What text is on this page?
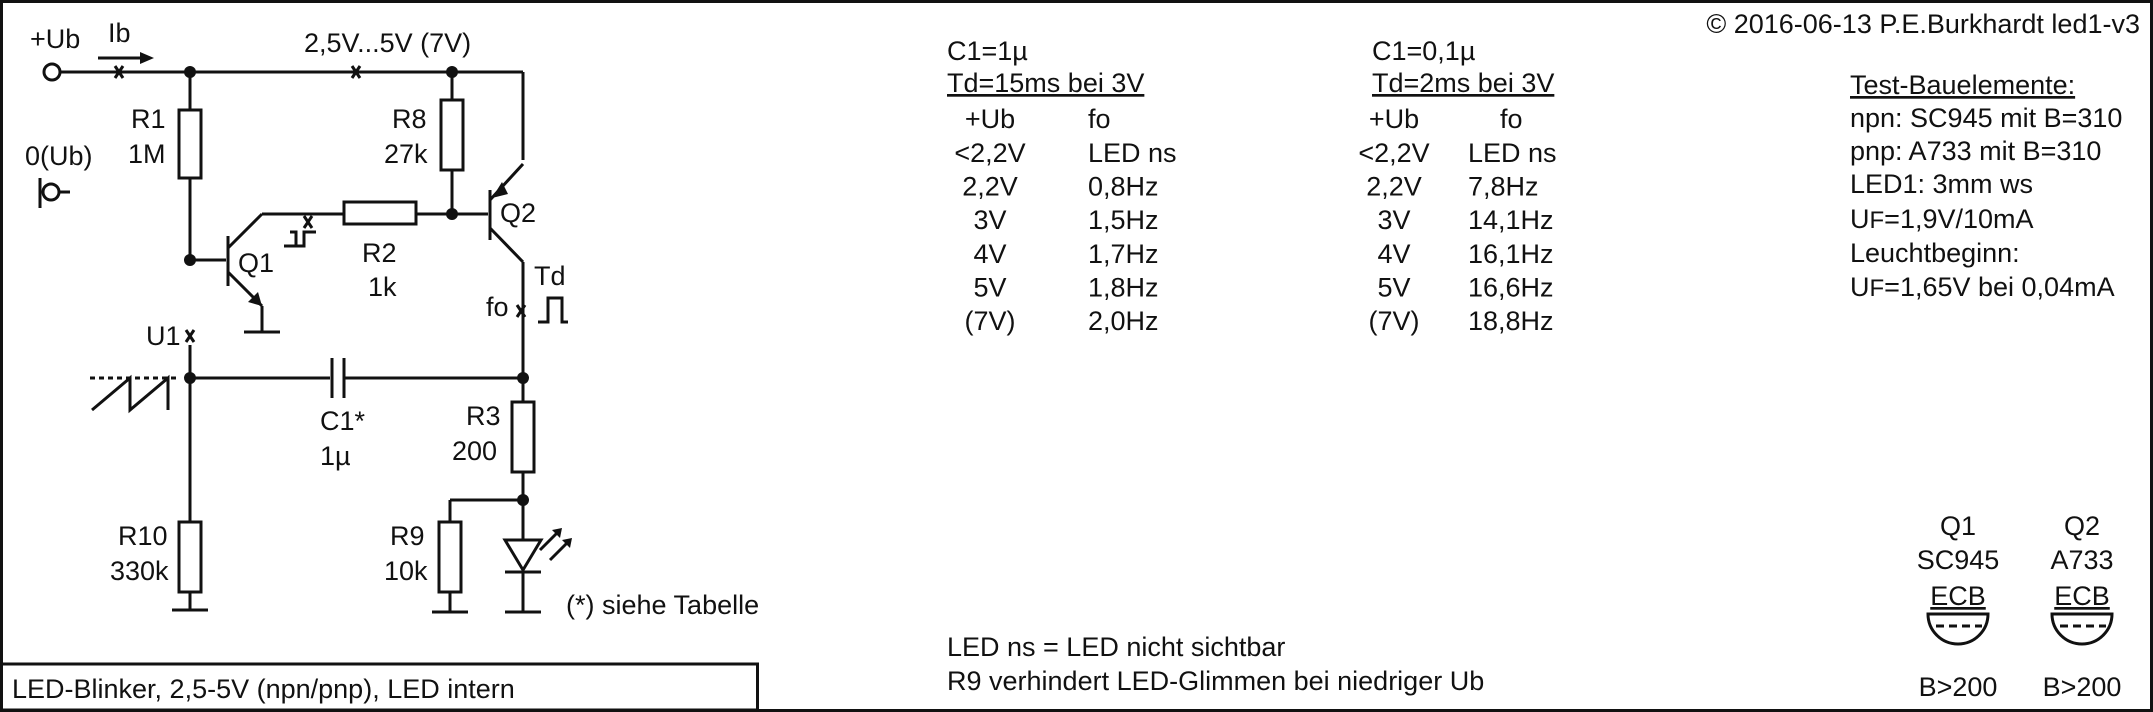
LED-Blinker, 2,5-5V (npn/pnp), LED intern
© 2016-06-13 P.E.Burkhardt led1-v3
+Ub Ib	2,5V...5V (7V)
0(Ub)
R1
1M
Q1	R2
1k
R8
27k
Q2
fo
Td
U1
C1*
1µ
R10
330k
R3
200
R9
10k
(*) siehe Tabelle
C1=1µ
Td=15ms bei 3V
+Ub	fo
<2,2V LED ns
2,2V	0,8Hz
3V	1,5Hz
4V	1,7Hz
5V	1,8Hz
(7V)	2,0Hz
C1=0,1µ
Td=2ms bei 3V
+Ub	fo
<2,2V LED ns
2,2V 7,8Hz
3V 14,1Hz
4V 16,1Hz
5V 16,6Hz
(7V) 18,8Hz
LED ns = LED nicht sichtbar
R9 verhindert LED-Glimmen bei niedriger Ub
Test-Bauelemente:
npn: SC945 mit B=310
pnp: A733 mit B=310
LED1: 3mm ws
UF=1,9V/10mA
Leuchtbeginn:
UF=1,65V bei 0,04mA
Q1
SC945
ECB
B>200
Q2
A733
ECB
B>200
